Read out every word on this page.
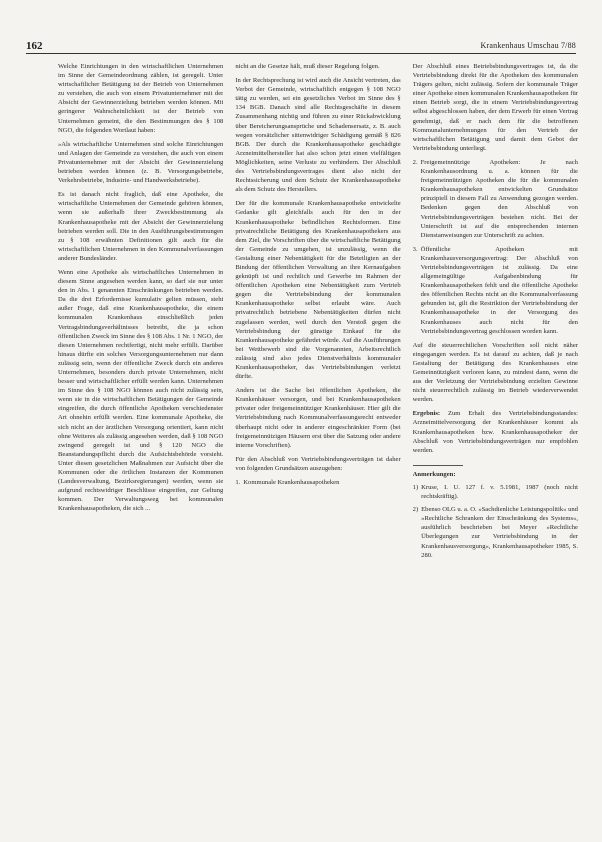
162	Krankenhaus Umschau 7/88

Welche Einrichtungen in den wirtschaftlichen Unternehmen im Sinne der Gemeindeordnung zählen, ist geregelt. Unter wirtschaftlicher Betätigung ist der Betrieb von Unternehmen zu verstehen, die auch von einem Privatunternehmer mit der Absicht der Gewinnerzielung betrieben werden können. Mit geringerer Wahrscheinlichkeit ist der Betrieb von Unternehmen gemeint, die den Bestimmungen des § 108 NGO, die folgenden Wortlaut haben:

»Als wirtschaftliche Unternehmen sind solche Einrichtungen und Anlagen der Gemeinde zu verstehen, die auch von einem Privatunternehmer mit der Absicht der Gewinnerzielung betrieben werden können (z. B. Versorgungsbetriebe, Verkehrsbetriebe, Industrie- und Handwerksbetriebe).

Es ist danach nicht fraglich, daß eine Apotheke, die wirtschaftliche Unternehmen der Gemeinde gehören können, wenn sie außerhalb ihrer Zweckbestimmung als Krankenhausapotheke mit der Absicht der Gewinnerzielung betrieben werden soll. Die in den Ausführungsbestimmungen zu § 108 erwähnten Definitionen gilt auch für die wirtschaftlichen Unternehmen in den Kommunalverfassungen anderer Bundesländer.

Wenn eine Apotheke als wirtschaftliches Unternehmen in diesem Sinne angesehen werden kann, so darf sie nur unter den in Abs. 1 genannten Einschränkungen betrieben werden. Da die drei Erfordernisse kumulativ gelten müssen, steht außer Frage, daß eine Krankenhausapotheke, die einem kommunalen Krankenhaus einschließlich jeden Vertragsbindungsverhältnisses betreibt, die ja schon öffentlichen Zweck im Sinne des § 108 Abs. 1 Nr. 1 NGO, der diesen Unternehmen rechtfertigt, nicht mehr erfüllt. Darüber hinaus dürfte ein solches Versorgungsunternehmen nur dann zulässig sein, wenn der öffentliche Zweck durch ein anderes Unternehmen, besonders durch private Unternehmen, nicht besser und wirtschaftlicher erfüllt werden kann. Unternehmen im Sinne des § 108 NGO können auch nicht zulässig sein, wenn sie in die wirtschaftlichen Betätigungen der Gemeinde eingreifen, die durch öffentliche Apotheken verschiedenster Art ohnehin erfüllt werden. Eine kommunale Apotheke, die sich nicht an der ärztlichen Versorgung orientiert, kann nicht ohne Weiteres als zulässig angesehen werden, daß § 108 NGO zwingend geregelt ist und § 120 NGO die Beanstandungspflicht durch die Aufsichtsbehörde vorsieht. Unter diesen gesetzlichen Maßnahmen zur Aufsicht über die Kommunen oder die örtlichen Instanzen der Kommunen (Landesverwaltung, Bezirksregierungen) werden, wenn sie aufgrund rechtswidriger Beschlüsse eingreifen, zur Geltung kommen. Der Verwaltungsweg bei kommunalen Krankenhausapotheken, die sich ...

nicht an die Gesetze hält, muß dieser Regelung folgen.

In der Rechtsprechung ist wird auch die Ansicht vertreten, das Verbot der Gemeinde, wirtschaftlich entgegen § 108 NGO tätig zu werden, sei ein gesetzliches Verbot im Sinne des § 134 BGB. Danach sind alle Rechtsgeschäfte in diesem Zusammenhang nichtig und führen zu einer Rückabwicklung über Bereicherungsansprüche und Schadensersatz, z. B. auch wegen vorsätzlicher sittenwidriger Schädigung gemäß § 826 BGB. Der durch die Krankenhausapotheke geschädigte Arzneimittelhersteller hat also schon jetzt einen vielfältigen Möglichkeiten, seine Verluste zu verhindern. Der Abschluß des Vertriebsbindungsvertrages dient also nicht der Rechtssicherung und dem Schutz der Krankenhausapotheke als dem Schutz des Herstellers.

Der für die kommunale Krankenhausapotheke entwickelte Gedanke gilt gleichfalls auch für den in der Krankenhausapotheke befindlichen Rechtsformen. Eine privatrechtliche Betätigung des Krankenhausapothekers aus dem Ziel, die Vorschriften über die wirtschaftliche Betätigung der Gemeinde zu umgehen, ist unzulässig, wenn die Gestaltung einer Nebentätigkeit für die Beteiligten an der Bindung der öffentlichen Verwaltung an ihre Kernaufgaben geknüpft ist und rechtlich und Gewerbe im Rahmen der öffentlichen Apotheken eine Nebentätigkeit zum Vertrieb gegen die Vertriebsbindung der kommunalen Krankenhausapotheke selbst erlaubt wäre. Auch privatrechtlich betriebene Nebentätigkeiten dürfen nicht zugelassen werden, weil durch den Verstoß gegen die Vertriebsbindung der günstige Einkauf für die Krankenhausapotheke gefährdet würde. Auf die Ausführungen bei Wettbewerb sind die Vorgenannten, Arbeitsrechtlich zulässig sind also jedes Dienstverhältnis kommunaler Krankenhausapotheker, das Vertriebsbindungen verletzt dürfte.

Anders ist die Sache bei öffentlichen Apotheken, die Krankenhäuser versorgen, und bei Krankenhausapotheken privater oder freigemeinnütziger Krankenhäuser. Hier gilt die Vertriebsbindung nach Kommunalverfassungsrecht entweder überhaupt nicht oder in anderer eingeschränkter Form (bei freigemeinnützigen Häusern erst über die Satzung oder andere interne Vorschriften).

Für den Abschluß von Vertriebsbindungsverträgen ist daher von folgenden Grundsätzen auszugehen:

1. Kommunale Krankenhausapotheken

Der Abschluß eines Betriebsbindungsvertrages ist, da die Vertriebsbindung direkt für die Apotheken des kommunalen Trägers gelten, nicht zulässig. Sofern der kommunale Träger einer Apotheke einen kommunalen Krankenhausapotheken für einen Betrieb sorgt, die in einem Vertriebsbindungsvertrag selbst abgeschlossen haben, der dem Erwerb für einen Vertrag genehmigt, daß er nach dem für die betroffenen Kommunalunternehmungen für den Vertrieb der wirtschaftlichen Betätigung und damit dem Gebot der Vertriebsbindung unterliegt.

2. Freigemeinnützige Apotheken: Je nach Krankenhausordnung u. a. können für die freigemeinnützigen Apotheken die für die kommunalen Krankenhausapotheken entwickelten Grundsätze prinzipiell in diesem Fall zu Anwendung gezogen werden. Bedenken gegen den Abschluß von Vertriebsbindungsverträgen bestehen nicht. Bei der Unterschrift ist auf die entsprechenden internen Dienstanweisungen zur Unterschrift zu achten.
3. Öffentliche Apotheken mit Krankenhausversorgungsvertrag: Der Abschluß von Vertriebsbindungsverträgen ist zulässig. Da eine allgemeingültige Aufgabenbindung für Krankenhausapotheken fehlt und die öffentliche Apotheke des öffentlichen Rechts nicht an die Kommunalverfassung gebunden ist, gilt die Restriktion der Vertriebsbindung der Krankenhausapotheke in der Versorgung des Krankenhauses auch nicht für den Vertriebsbindungsvertrag geschlossen worden kann.

Auf die steuerrechtlichen Vorschriften soll nicht näher eingegangen werden. Es ist darauf zu achten, daß je nach Gestaltung der Betätigung des Krankenhauses eine Gemeinnützigkeit verloren kann, zu mindest dann, wenn die aus der Verletzung der Vertriebsbindung erzielten Gewinne nicht steuerrechtlich zulässig im Betrieb wiederverwendet werden.

Ergebnis: Zum Erhalt des Vertriebsbindungsstandes: Arzneimittelversorgung der Krankenhäuser kommt als Krankenhausapotheken bzw. Krankenhausapotheker der Abschluß von Vertriebsbindungsverträgen nur empfohlen werden.

Anmerkungen:
1) Kruse, I. U. 127 f. v. 5.1981, 1987 (noch nicht rechtskräftig).
2) Ebenso OLG u. a. O. »Sachdienliche Leistungspolitik« und »Rechtliche Schranken der Einschränkung des Systems«, ausführlich beschrieben bei Meyer »Rechtliche Überlegungen zur Vertriebsbindung in der Krankenhausversorgung«, Krankenhausapotheker 1985, S. 280.
